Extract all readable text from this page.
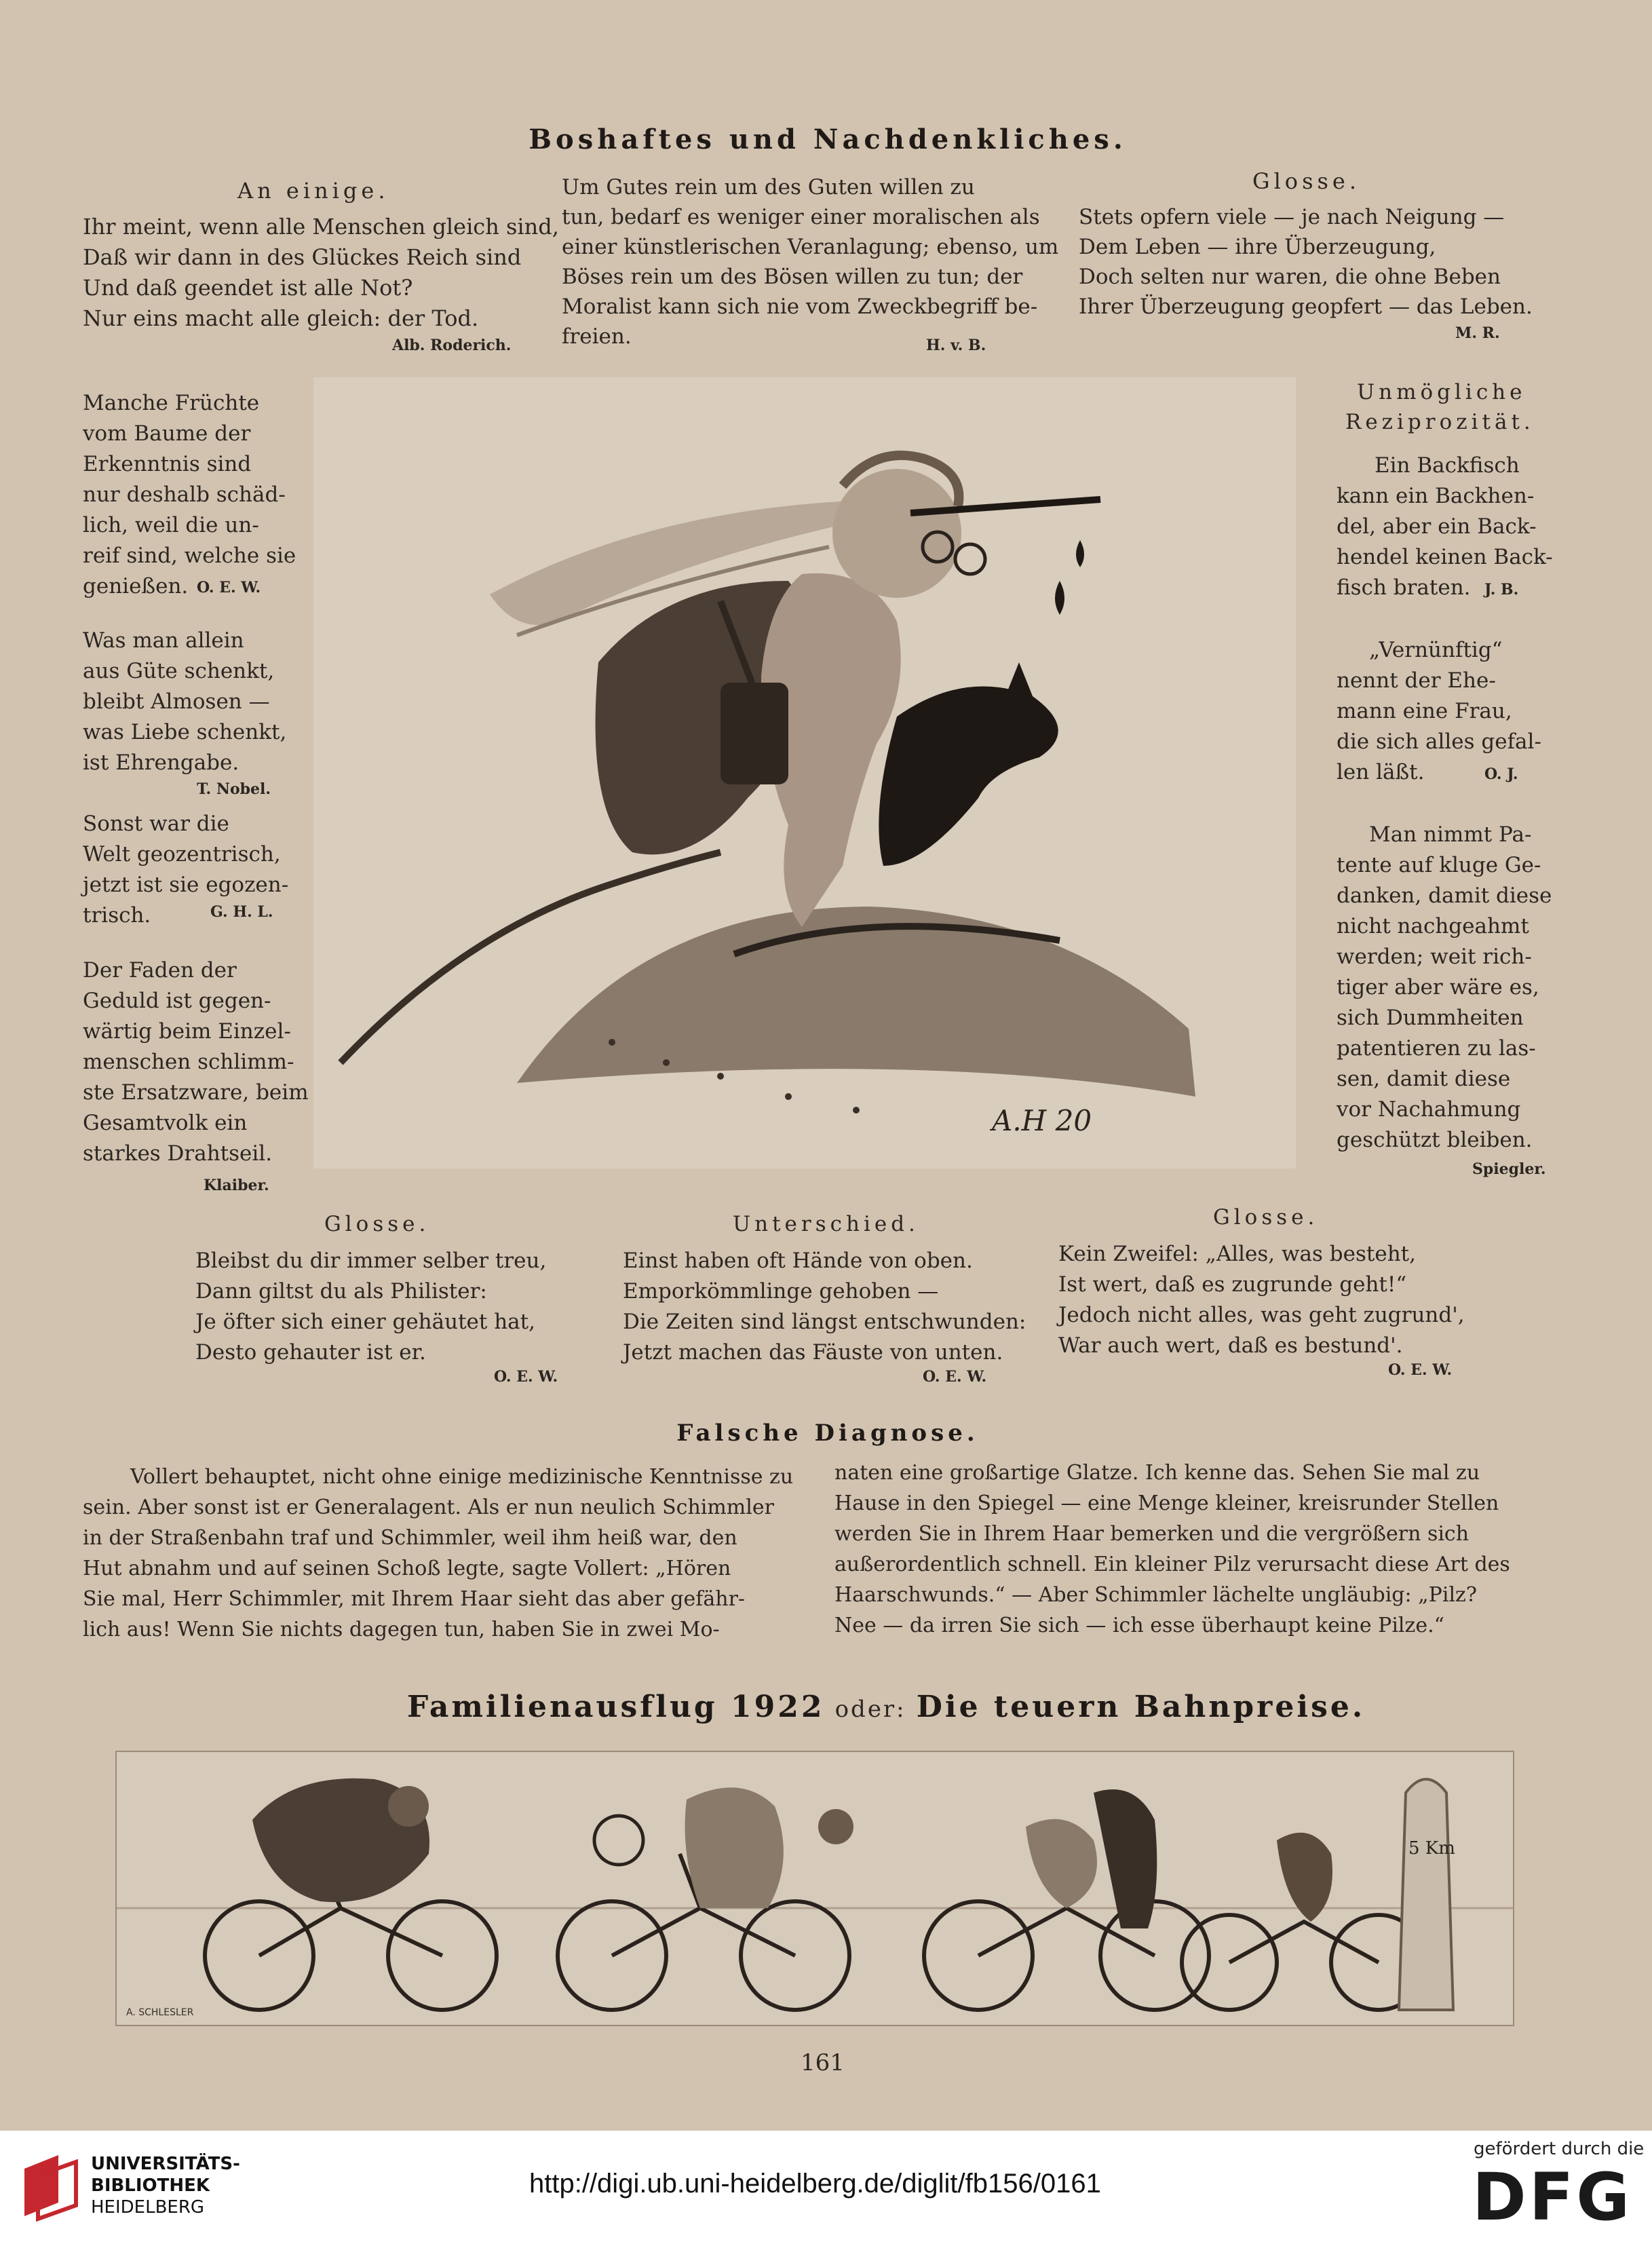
Boshaftes und Nachdenkliches.
An einige.
Ihr meint, wenn alle Menschen gleich sind,
Daß wir dann in des Glückes Reich sind
Und daß geendet ist alle Not?
Nur eins macht alle gleich: der Tod.
Alb. Roderich.
Um Gutes rein um des Guten willen zu
tun, bedarf es weniger einer moralischen als
einer künstlerischen Veranlagung; ebenso, um
Böses rein um des Bösen willen zu tun; der
Moralist kann sich nie vom Zweckbegriff be-
freien.	H. v. B.
Glosse.
Stets opfern viele — je nach Neigung —
Dem Leben — ihre Überzeugung,
Doch selten nur waren, die ohne Beben
Ihrer Überzeugung geopfert — das Leben.
M. R.
Manche Früchte
vom Baume der
Erkenntnis sind
nur deshalb schäd-
lich, weil die un-
reif sind, welche sie
genießen. O. E. W.
Was man allein
aus Güte schenkt,
bleibt Almosen —
was Liebe schenkt,
ist Ehrengabe.
T. Nobel.
Sonst war die
Welt geozentrisch,
jetzt ist sie egozen-
trisch.	G. H. L.
Der Faden der
Geduld ist gegen-
wärtig beim Einzel-
menschen schlimm-
ste Ersatzware, beim
Gesamtvolk ein
starkes Drahtseil.
Klaiber.
A.H 20
Unmögliche
Reziprozität.
Ein Backfisch
kann ein Backhen-
del, aber ein Back-
hendel keinen Back-
fisch braten. J. B.
„Vernünftig“
nennt der Ehe-
mann eine Frau,
die sich alles gefal-
len läßt.	O. J.
Man nimmt Pa-
tente auf kluge Ge-
danken, damit diese
nicht nachgeahmt
werden; weit rich-
tiger aber wäre es,
sich Dummheiten
patentieren zu las-
sen, damit diese
vor Nachahmung
geschützt bleiben.
Spiegler.
Glosse.
Bleibst du dir immer selber treu,
Dann giltst du als Philister:
Je öfter sich einer gehäutet hat,
Desto gehauter ist er.
O. E. W.
Unterschied.
Einst haben oft Hände von oben.
Emporkömmlinge gehoben —
Die Zeiten sind längst entschwunden:
Jetzt machen das Fäuste von unten.
O. E. W.
Glosse.
Kein Zweifel: „Alles, was besteht,
Ist wert, daß es zugrunde geht!“
Jedoch nicht alles, was geht zugrund',
War auch wert, daß es bestund'.
O. E. W.
Falsche Diagnose.
Vollert behauptet, nicht ohne einige medizinische Kenntnisse zu
sein. Aber sonst ist er Generalagent. Als er nun neulich Schimmler
in der Straßenbahn traf und Schimmler, weil ihm heiß war, den
Hut abnahm und auf seinen Schoß legte, sagte Vollert: „Hören
Sie mal, Herr Schimmler, mit Ihrem Haar sieht das aber gefähr-
lich aus! Wenn Sie nichts dagegen tun, haben Sie in zwei Mo-
naten eine großartige Glatze. Ich kenne das. Sehen Sie mal zu
Hause in den Spiegel — eine Menge kleiner, kreisrunder Stellen
werden Sie in Ihrem Haar bemerken und die vergrößern sich
außerordentlich schnell. Ein kleiner Pilz verursacht diese Art des
Haarschwunds.“ — Aber Schimmler lächelte ungläubig: „Pilz?
Nee — da irren Sie sich — ich esse überhaupt keine Pilze.“
Familienausflug 1922 oder: Die teuern Bahnpreise.
5 Km
A. SCHLESLER
161
UNIVERSITÄTS-
BIBLIOTHEK
HEIDELBERG
http://digi.ub.uni-heidelberg.de/diglit/fb156/0161
gefördert durch die
DFG
